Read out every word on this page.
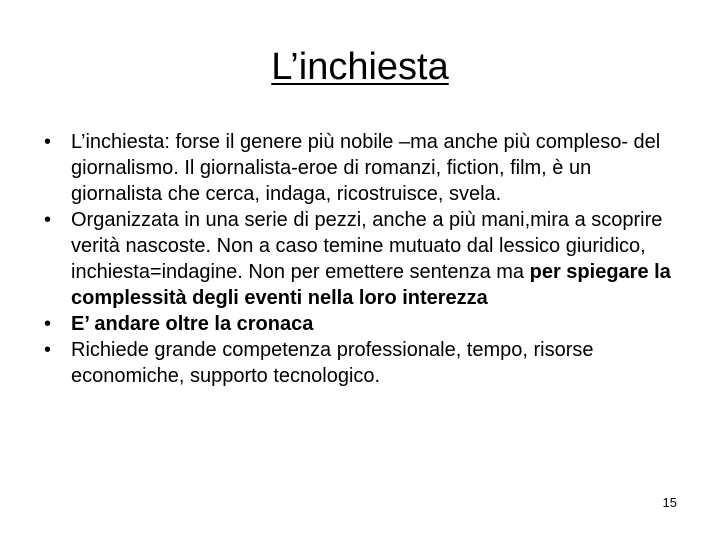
L’inchiesta
• L’inchiesta: forse il genere più nobile –ma anche più compleso- del giornalismo. Il giornalista-eroe di romanzi, fiction, film, è un giornalista che cerca, indaga, ricostruisce, svela.
• Organizzata in una serie di pezzi, anche a più mani,mira a scoprire verità nascoste. Non a caso temine mutuato dal lessico giuridico, inchiesta=indagine. Non per emettere sentenza ma per spiegare la complessità degli eventi nella loro interezza
• E’ andare oltre la cronaca
• Richiede grande competenza professionale, tempo, risorse economiche, supporto tecnologico.
15
